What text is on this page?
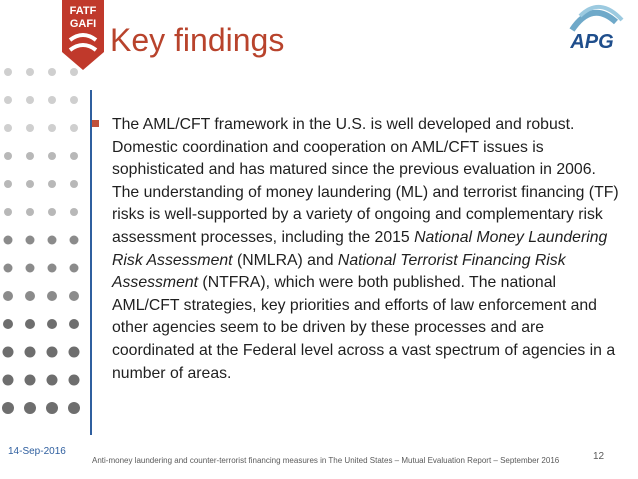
FATF
GAFI Key findings	APG
The AML/CFT framework in the U.S. is well developed and robust. Domestic coordination and cooperation on AML/CFT issues is sophisticated and has matured since the previous evaluation in 2006. The understanding of money laundering (ML) and terrorist financing (TF) risks is well-supported by a variety of ongoing and complementary risk assessment processes, including the 2015 National Money Laundering Risk Assessment (NMLRA) and National Terrorist Financing Risk Assessment (NTFRA), which were both published. The national AML/CFT strategies, key priorities and efforts of law enforcement and other agencies seem to be driven by these processes and are coordinated at the Federal level across a vast spectrum of agencies in a number of areas.
14-Sep-2016
Anti-money laundering and counter-terrorist financing measures in The United States – Mutual Evaluation Report – September 2016	12
